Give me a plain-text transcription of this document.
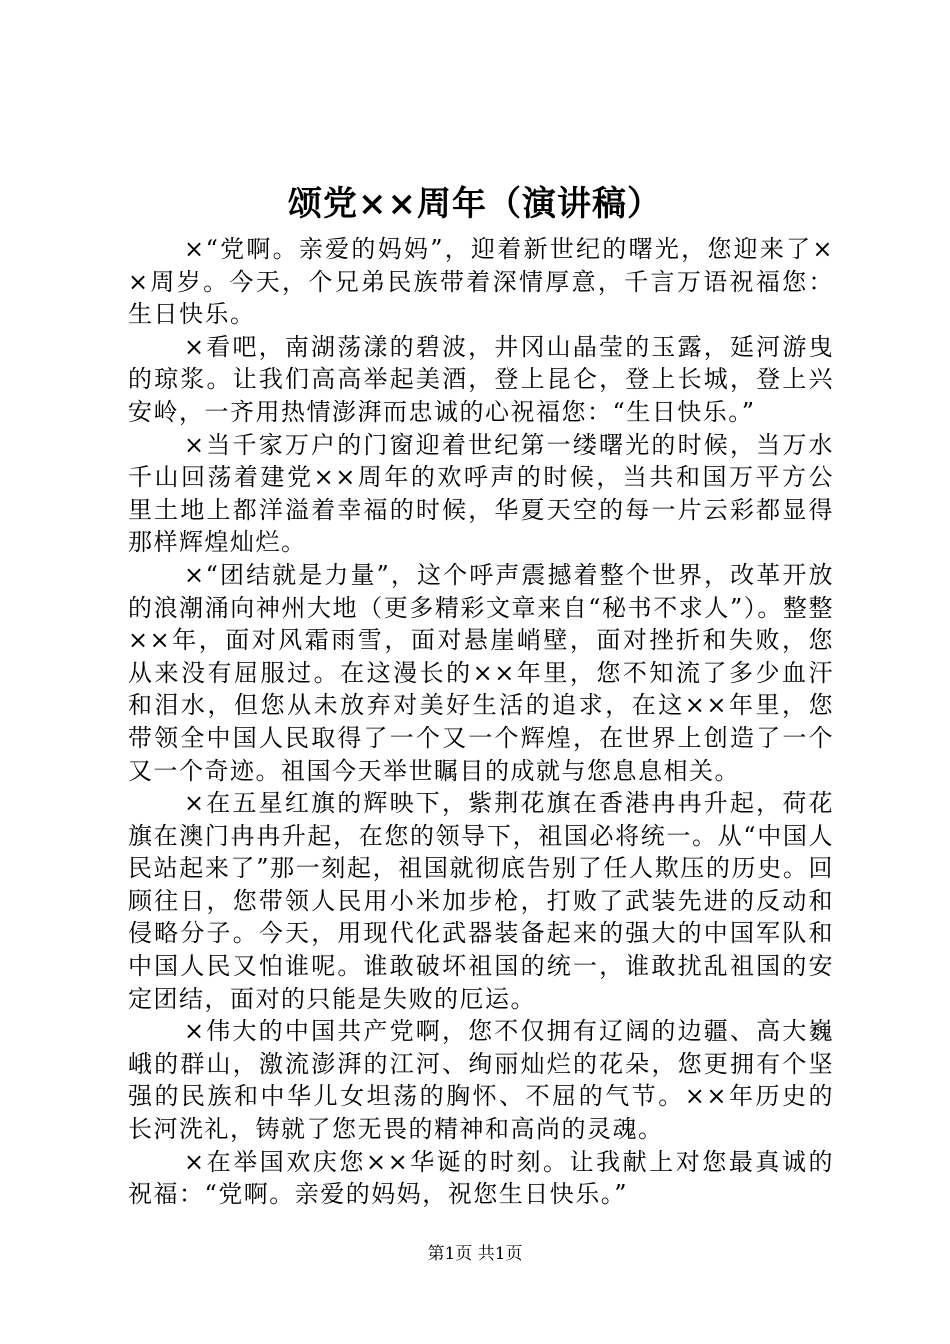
颂党××周年（演讲稿）

×“党啊。亲爱的妈妈”，迎着新世纪的曙光，您迎来了××周岁。今天，个兄弟民族带着深情厚意，千言万语祝福您：生日快乐。

×看吧，南湖荡漾的碧波，井冈山晶莹的玉露，延河游曳的琼浆。让我们高高举起美酒，登上昆仑，登上长城，登上兴安岭，一齐用热情澎湃而忠诚的心祝福您：“生日快乐。”

×当千家万户的门窗迎着世纪第一缕曙光的时候，当万水千山回荡着建党××周年的欢呼声的时候，当共和国万平方公里土地上都洋溢着幸福的时候，华夏天空的每一片云彩都显得那样辉煌灿烂。

×“团结就是力量”，这个呼声震撼着整个世界，改革开放的浪潮涌向神州大地（更多精彩文章来自“秘书不求人”）。整整××年，面对风霜雨雪，面对悬崖峭壁，面对挫折和失败，您从来没有屈服过。在这漫长的××年里，您不知流了多少血汗和泪水，但您从未放弃对美好生活的追求，在这××年里，您带领全中国人民取得了一个又一个辉煌，在世界上创造了一个又一个奇迹。祖国今天举世瞩目的成就与您息息相关。

×在五星红旗的辉映下，紫荆花旗在香港冉冉升起，荷花旗在澳门冉冉升起，在您的领导下，祖国必将统一。从“中国人民站起来了”那一刻起，祖国就彻底告别了任人欺压的历史。回顾往日，您带领人民用小米加步枪，打败了武装先进的反动和侵略分子。今天，用现代化武器装备起来的强大的中国军队和中国人民又怕谁呢。谁敢破坏祖国的统一，谁敢扰乱祖国的安定团结，面对的只能是失败的厄运。

×伟大的中国共产党啊，您不仅拥有辽阔的边疆、高大巍峨的群山，激流澎湃的江河、绚丽灿烂的花朵，您更拥有个坚强的民族和中华儿女坦荡的胸怀、不屈的气节。××年历史的长河洗礼，铸就了您无畏的精神和高尚的灵魂。

×在举国欢庆您××华诞的时刻。让我献上对您最真诚的祝福：“党啊。亲爱的妈妈，祝您生日快乐。”

第1页 共1页
